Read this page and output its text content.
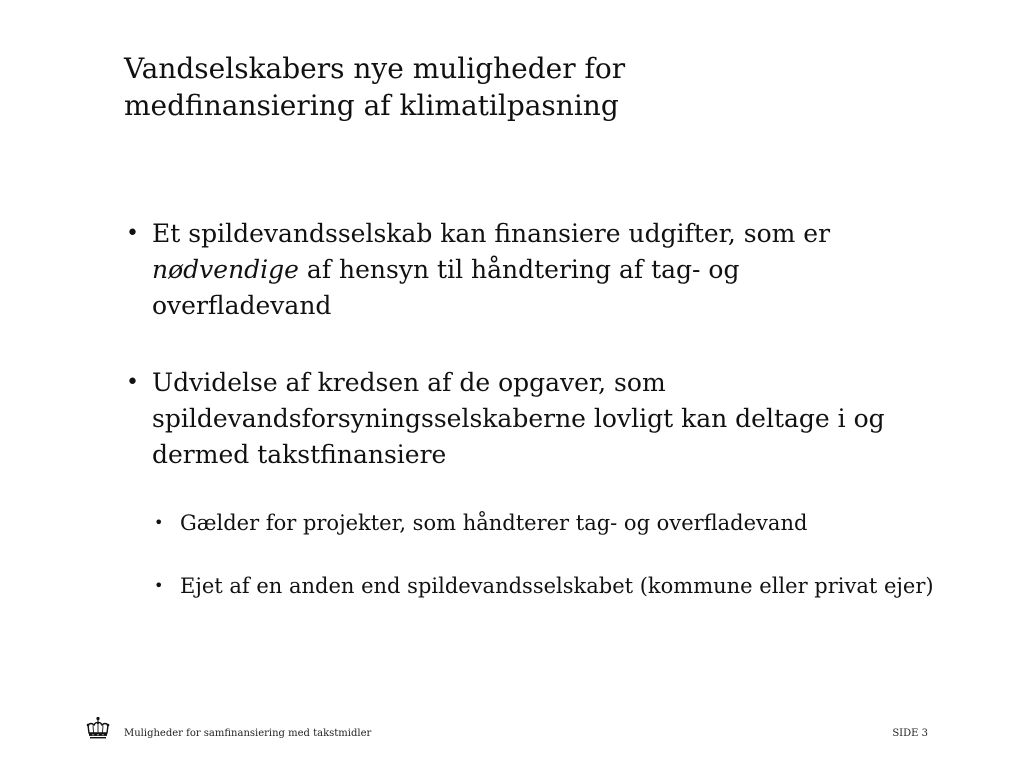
Vandselskabers nye muligheder for
medfinansiering af klimatilpasning
• Et spildevandsselskab kan finansiere udgifter, som er nødvendige af hensyn til håndtering af tag- og overfladevand
• Udvidelse af kredsen af de opgaver, som spildevandsforsyningsselskaberne lovligt kan deltage i og dermed takstfinansiere
• Gælder for projekter, som håndterer tag- og overfladevand
• Ejet af en anden end spildevandsselskabet (kommune eller privat ejer)
Muligheder for samfinansiering med takstmidler	SIDE 3
